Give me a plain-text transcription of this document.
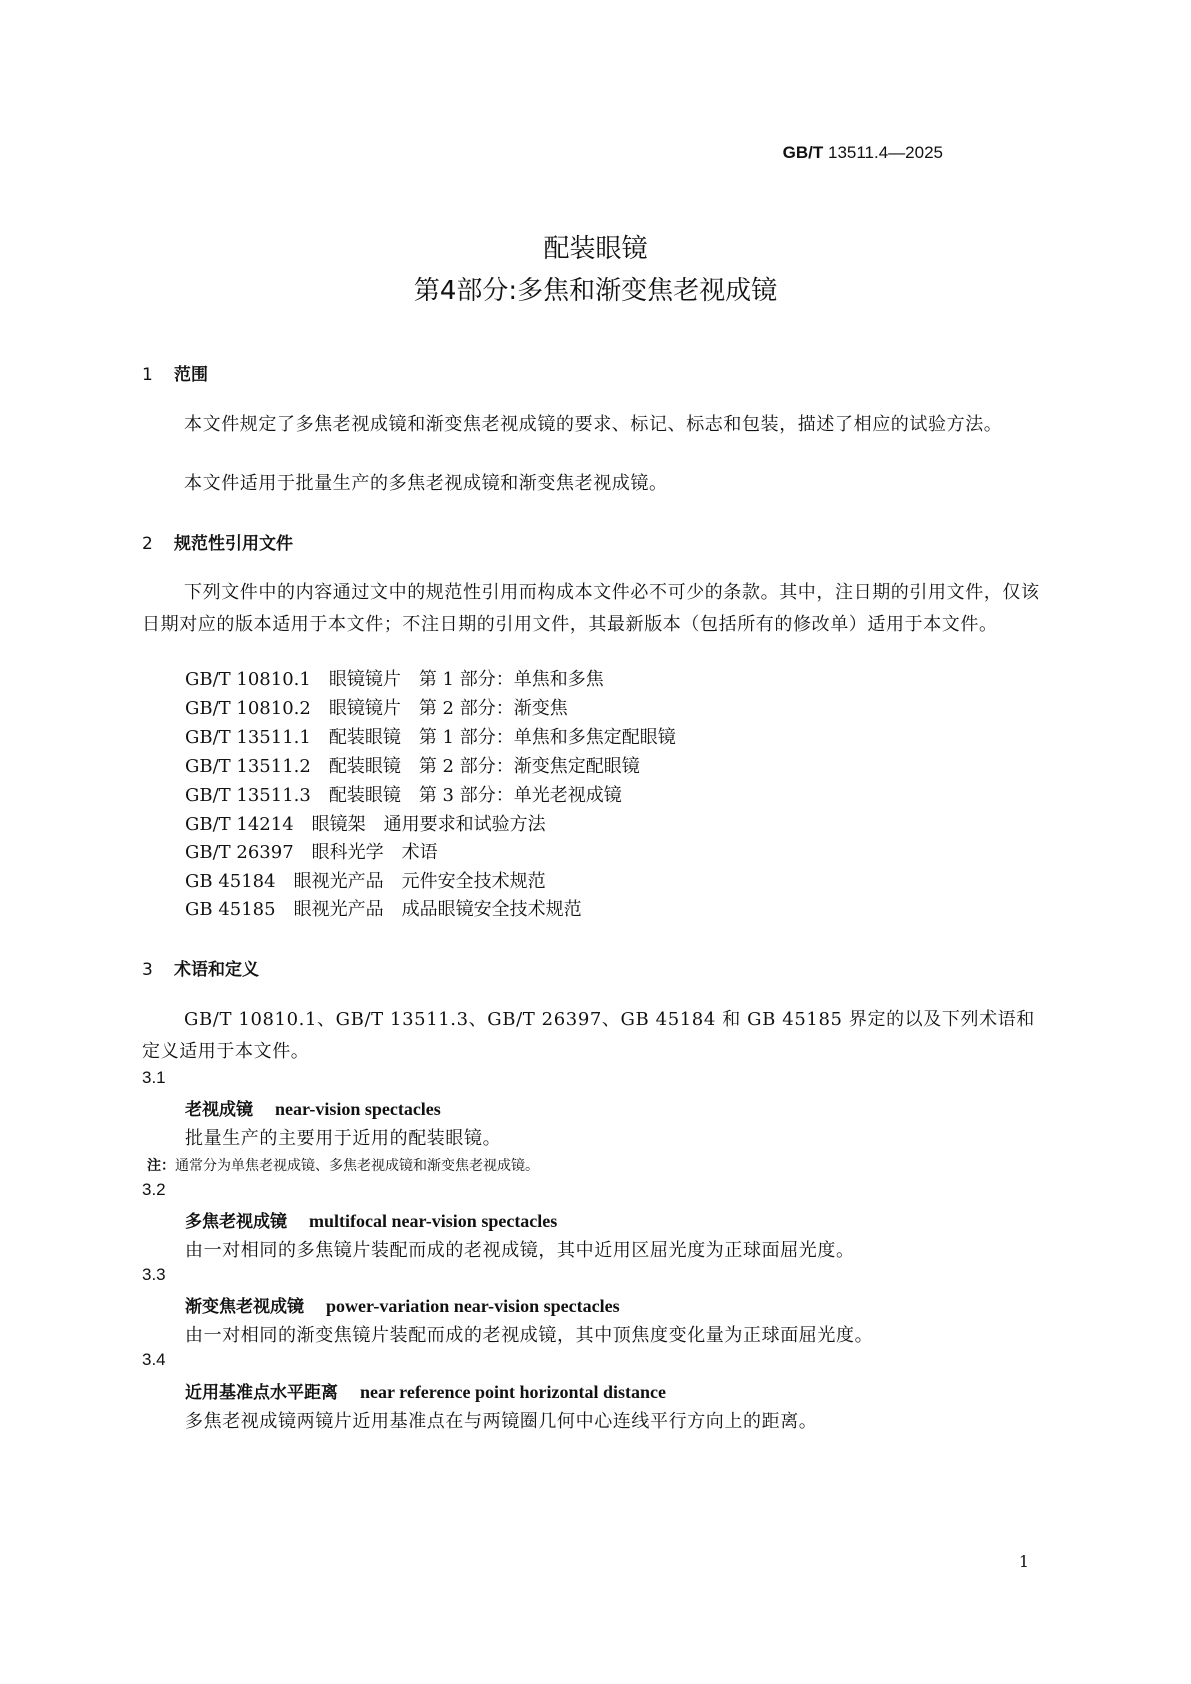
GB/T 13511.4—2025
配装眼镜
第4部分:多焦和渐变焦老视成镜
1 范围
本文件规定了多焦老视成镜和渐变焦老视成镜的要求、标记、标志和包装，描述了相应的试验方法。
本文件适用于批量生产的多焦老视成镜和渐变焦老视成镜。
2 规范性引用文件
下列文件中的内容通过文中的规范性引用而构成本文件必不可少的条款。其中，注日期的引用文件，仅该日期对应的版本适用于本文件；不注日期的引用文件，其最新版本（包括所有的修改单）适用于本文件。
GB/T 10810.1　眼镜镜片　第 1 部分：单焦和多焦
GB/T 10810.2　眼镜镜片　第 2 部分：渐变焦
GB/T 13511.1　配装眼镜　第 1 部分：单焦和多焦定配眼镜
GB/T 13511.2　配装眼镜　第 2 部分：渐变焦定配眼镜
GB/T 13511.3　配装眼镜　第 3 部分：单光老视成镜
GB/T 14214　眼镜架　通用要求和试验方法
GB/T 26397　眼科光学　术语
GB 45184　眼视光产品　元件安全技术规范
GB 45185　眼视光产品　成品眼镜安全技术规范
3 术语和定义
GB/T 10810.1、GB/T 13511.3、GB/T 26397、GB 45184 和 GB 45185 界定的以及下列术语和定义适用于本文件。
3.1
老视成镜 near-vision spectacles
批量生产的主要用于近用的配装眼镜。
注：通常分为单焦老视成镜、多焦老视成镜和渐变焦老视成镜。
3.2
多焦老视成镜 multifocal near-vision spectacles
由一对相同的多焦镜片装配而成的老视成镜，其中近用区屈光度为正球面屈光度。
3.3
渐变焦老视成镜 power-variation near-vision spectacles
由一对相同的渐变焦镜片装配而成的老视成镜，其中顶焦度变化量为正球面屈光度。
3.4
近用基准点水平距离 near reference point horizontal distance
多焦老视成镜两镜片近用基准点在与两镜圈几何中心连线平行方向上的距离。
1
